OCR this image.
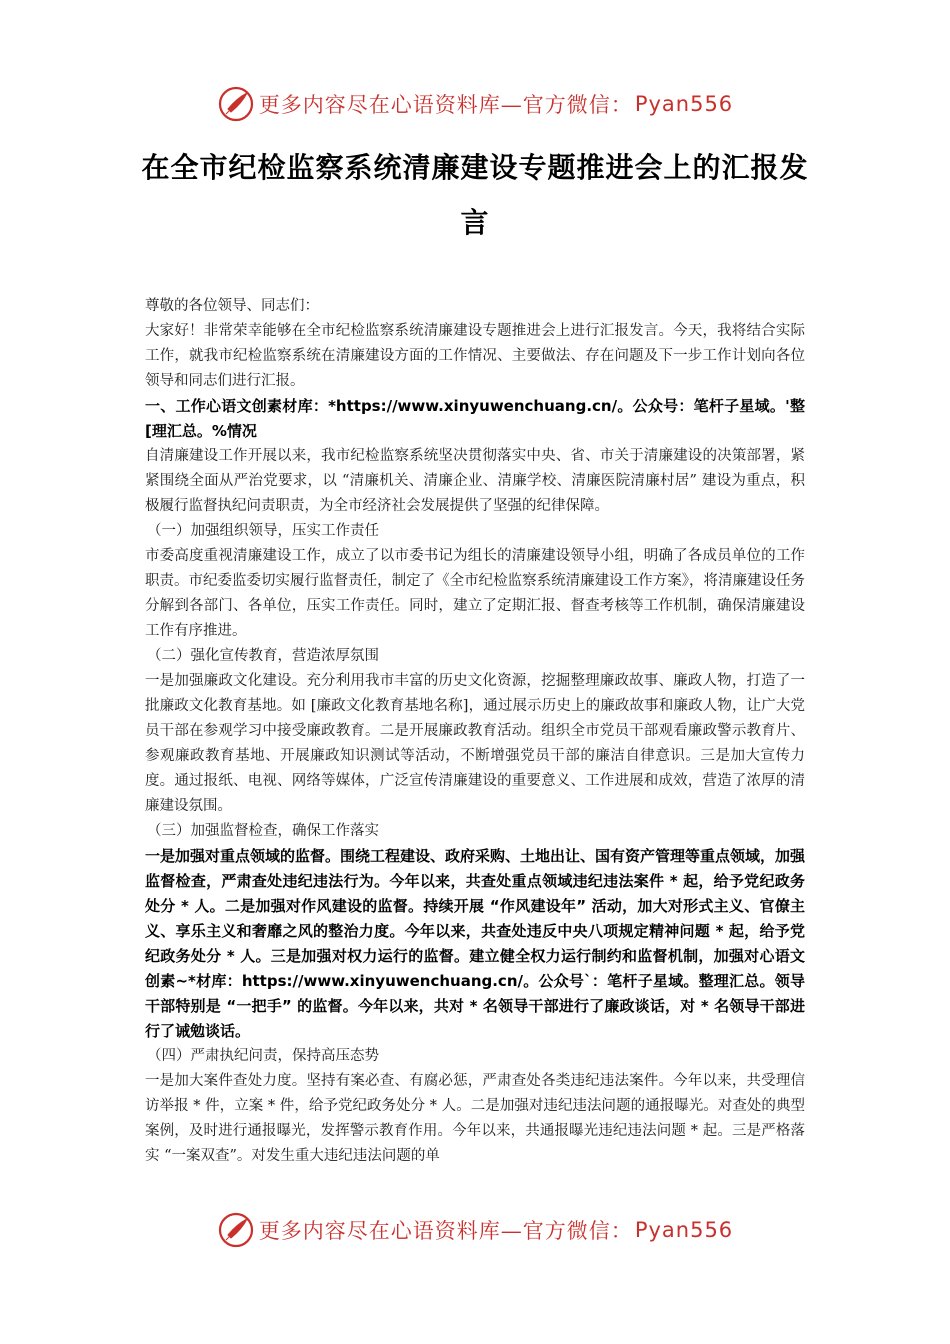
更多内容尽在心语资料库—官方微信： Pyan556
在全市纪检监察系统清廉建设专题推进会上的汇报发言

尊敬的各位领导、同志们：

大家好！非常荣幸能够在全市纪检监察系统清廉建设专题推进会上进行汇报发言。今天，我将结合实际工作，就我市纪检监察系统在清廉建设方面的工作情况、主要做法、存在问题及下一步工作计划向各位领导和同志们进行汇报。

一、工作心语文创素材库：*https://www.xinyuwenchuang.cn/。公众号：笔杆子星域。'整[理汇总。%情况

自清廉建设工作开展以来，我市纪检监察系统坚决贯彻落实中央、省、市关于清廉建设的决策部署，紧紧围绕全面从严治党要求，以 “清廉机关、清廉企业、清廉学校、清廉医院清廉村居” 建设为重点，积极履行监督执纪问责职责，为全市经济社会发展提供了坚强的纪律保障。

（一）加强组织领导，压实工作责任

市委高度重视清廉建设工作，成立了以市委书记为组长的清廉建设领导小组，明确了各成员单位的工作职责。市纪委监委切实履行监督责任，制定了《全市纪检监察系统清廉建设工作方案》，将清廉建设任务分解到各部门、各单位，压实工作责任。同时，建立了定期汇报、督查考核等工作机制，确保清廉建设工作有序推进。

（二）强化宣传教育，营造浓厚氛围

一是加强廉政文化建设。充分利用我市丰富的历史文化资源，挖掘整理廉政故事、廉政人物，打造了一批廉政文化教育基地。如 [廉政文化教育基地名称]，通过展示历史上的廉政故事和廉政人物，让广大党员干部在参观学习中接受廉政教育。二是开展廉政教育活动。组织全市党员干部观看廉政警示教育片、参观廉政教育基地、开展廉政知识测试等活动，不断增强党员干部的廉洁自律意识。三是加大宣传力度。通过报纸、电视、网络等媒体，广泛宣传清廉建设的重要意义、工作进展和成效，营造了浓厚的清廉建设氛围。

（三）加强监督检查，确保工作落实

一是加强对重点领域的监督。围绕工程建设、政府采购、土地出让、国有资产管理等重点领域，加强监督检查，严肃查处违纪违法行为。今年以来，共查处重点领域违纪违法案件 * 起，给予党纪政务处分 * 人。二是加强对作风建设的监督。持续开展 “作风建设年” 活动，加大对形式主义、官僚主义、享乐主义和奢靡之风的整治力度。今年以来，共查处违反中央八项规定精神问题 * 起，给予党纪政务处分 * 人。三是加强对权力运行的监督。建立健全权力运行制约和监督机制，加强对心语文创素~*材库：https://www.xinyuwenchuang.cn/。公众号`：笔杆子星域。整理汇总。领导干部特别是 “一把手” 的监督。今年以来，共对 * 名领导干部进行了廉政谈话，对 * 名领导干部进行了诫勉谈话。

（四）严肃执纪问责，保持高压态势

一是加大案件查处力度。坚持有案必查、有腐必惩，严肃查处各类违纪违法案件。今年以来，共受理信访举报 * 件，立案 * 件，给予党纪政务处分 * 人。二是加强对违纪违法问题的通报曝光。对查处的典型案例，及时进行通报曝光，发挥警示教育作用。今年以来，共通报曝光违纪违法问题 * 起。三是严格落实 “一案双查”。对发生重大违纪违法问题的单

更多内容尽在心语资料库—官方微信： Pyan556
